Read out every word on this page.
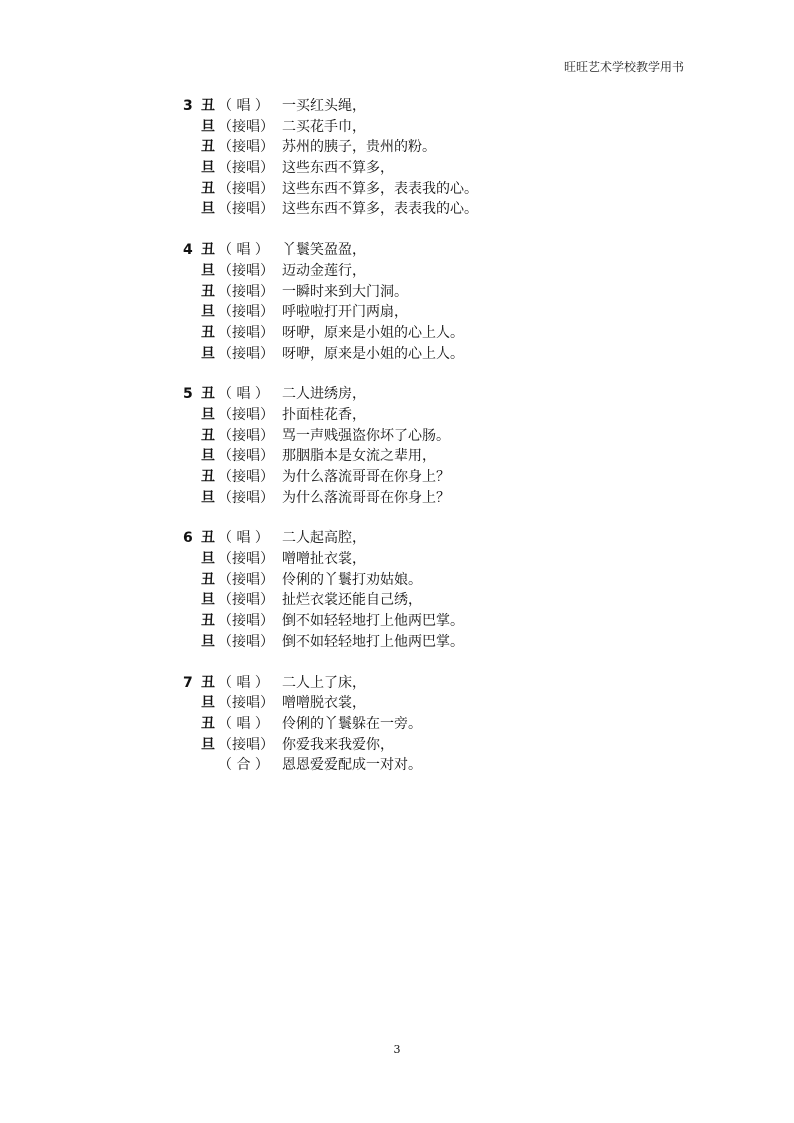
旺旺艺术学校教学用书
3 丑 （ 唱 ） 一买红头绳，
旦 （接唱） 二买花手巾，
丑 （接唱） 苏州的胰子，贵州的粉。
旦 （接唱） 这些东西不算多，
丑 （接唱） 这些东西不算多，表表我的心。
旦 （接唱） 这些东西不算多，表表我的心。
4 丑 （ 唱 ） 丫鬟笑盈盈，
旦 （接唱） 迈动金莲行，
丑 （接唱） 一瞬时来到大门洞。
旦 （接唱） 呼啦啦打开门两扇，
丑 （接唱） 呀咿，原来是小姐的心上人。
旦 （接唱） 呀咿，原来是小姐的心上人。
5 丑 （ 唱 ） 二人进绣房，
旦 （接唱） 扑面桂花香，
丑 （接唱） 骂一声贱强盗你坏了心肠。
旦 （接唱） 那胭脂本是女流之辈用，
丑 （接唱） 为什么落流哥哥在你身上？
旦 （接唱） 为什么落流哥哥在你身上？
6 丑 （ 唱 ） 二人起高腔，
旦 （接唱） 噌噌扯衣裳，
丑 （接唱） 伶俐的丫鬟打劝姑娘。
旦 （接唱） 扯烂衣裳还能自己绣，
丑 （接唱） 倒不如轻轻地打上他两巴掌。
旦 （接唱） 倒不如轻轻地打上他两巴掌。
7 丑 （ 唱 ） 二人上了床，
旦 （接唱） 噌噌脱衣裳，
丑 （ 唱 ） 伶俐的丫鬟躲在一旁。
旦 （接唱） 你爱我来我爱你，
（ 合 ） 恩恩爱爱配成一对对。
3
